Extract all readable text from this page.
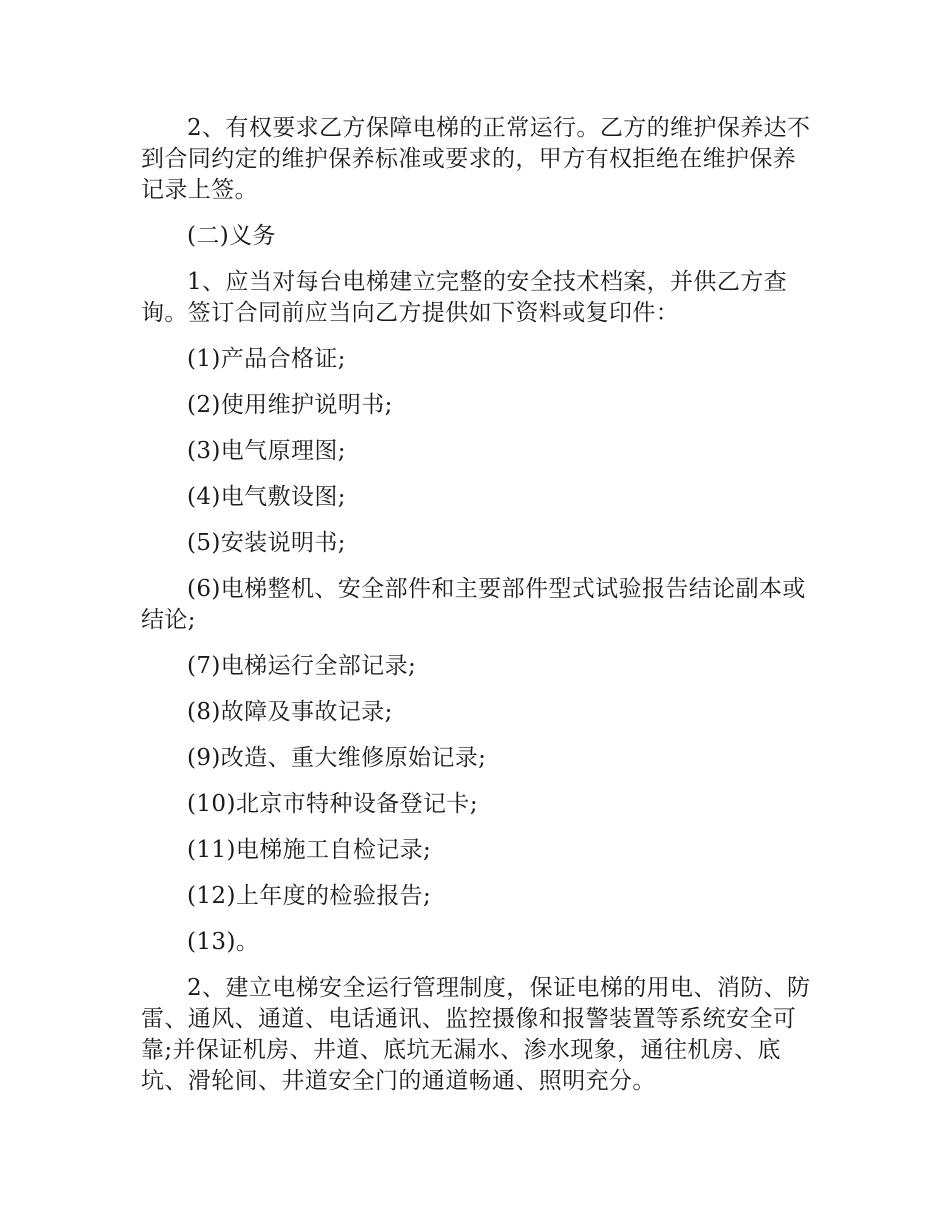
2、有权要求乙方保障电梯的正常运行。乙方的维护保养达不到合同约定的维护保养标准或要求的，甲方有权拒绝在维护保养记录上签。

(二)义务

1、应当对每台电梯建立完整的安全技术档案，并供乙方查询。签订合同前应当向乙方提供如下资料或复印件：

(1)产品合格证;

(2)使用维护说明书;

(3)电气原理图;

(4)电气敷设图;

(5)安装说明书;

(6)电梯整机、安全部件和主要部件型式试验报告结论副本或结论;

(7)电梯运行全部记录;

(8)故障及事故记录;

(9)改造、重大维修原始记录;

(10)北京市特种设备登记卡;

(11)电梯施工自检记录;

(12)上年度的检验报告;

(13)。

2、建立电梯安全运行管理制度，保证电梯的用电、消防、防雷、通风、通道、电话通讯、监控摄像和报警装置等系统安全可靠;并保证机房、井道、底坑无漏水、渗水现象，通往机房、底坑、滑轮间、井道安全门的通道畅通、照明充分。
